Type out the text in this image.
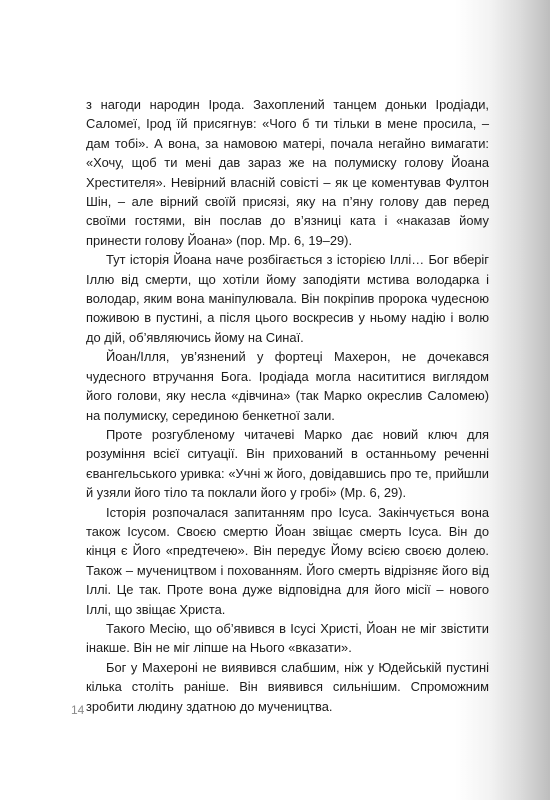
з нагоди народин Ірода. Захоплений танцем доньки Іродіади, Саломеї, Ірод їй присягнув: «Чого б ти тільки в мене просила, – дам тобі». А вона, за намовою матері, почала негайно вимагати: «Хочу, щоб ти мені дав зараз же на полумиску голову Йоана Хрестителя». Невірний власній совісті – як це коментував Фултон Шін, – але вірний своїй присязі, яку на п’яну голову дав перед своїми гостями, він послав до в’язниці ката і «наказав йому принести голову Йоана» (пор. Мр. 6, 19–29).

Тут історія Йоана наче розбігається з історією Іллі… Бог вберіг Іллю від смерти, що хотіли йому заподіяти мстива володарка і володар, яким вона маніпулювала. Він покріпив пророка чудесною поживою в пустині, а після цього воскресив у ньому надію і волю до дій, об’являючись йому на Синаї.

Йоан/Ілля, ув’язнений у фортеці Махерон, не дочекався чудесного втручання Бога. Іродіада могла насититися виглядом його голови, яку несла «дівчина» (так Марко окреслив Саломею) на полумиску, серединою бенкетної зали.

Проте розгубленому читачеві Марко дає новий ключ для розуміння всієї ситуації. Він прихований в останньому реченні євангельського уривка: «Учні ж його, довідавшись про те, прийшли й узяли його тіло та поклали його у гробі» (Мр. 6, 29).

Історія розпочалася запитанням про Ісуса. Закінчується вона також Ісусом. Своєю смертю Йоан звіщає смерть Ісуса. Він до кінця є Його «предтечею». Він передує Йому всією своєю долею. Також – мучеництвом і похованням. Його смерть відрізняє його від Іллі. Це так. Проте вона дуже відповідна для його місії – нового Іллі, що звіщає Христа.

Такого Месію, що об’явився в Ісусі Христі, Йоан не міг звістити інакше. Він не міг ліпше на Нього «вказати».

Бог у Махероні не виявився слабшим, ніж у Юдейській пустині кілька століть раніше. Він виявився сильнішим. Спроможним зробити людину здатною до мучеництва.

14
